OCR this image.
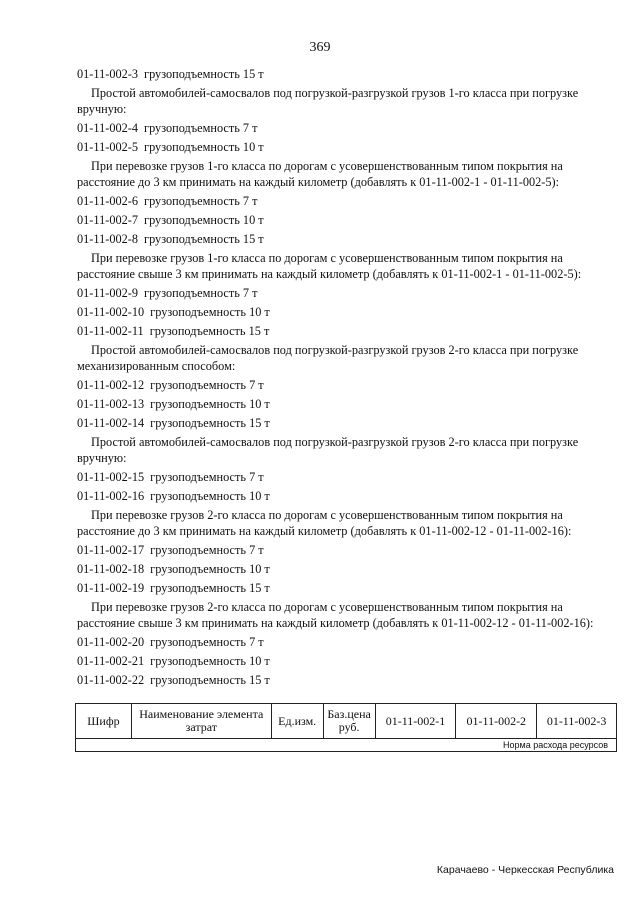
369
01-11-002-3 грузоподъемность 15 т
Простой автомобилей-самосвалов под погрузкой-разгрузкой грузов 1-го класса при погрузке вручную:
01-11-002-4 грузоподъемность 7 т
01-11-002-5 грузоподъемность 10 т
При перевозке грузов 1-го класса по дорогам с усовершенствованным типом покрытия на расстояние до 3 км принимать на каждый километр (добавлять к 01-11-002-1 - 01-11-002-5):
01-11-002-6 грузоподъемность 7 т
01-11-002-7 грузоподъемность 10 т
01-11-002-8 грузоподъемность 15 т
При перевозке грузов 1-го класса по дорогам с усовершенствованным типом покрытия на расстояние свыше 3 км принимать на каждый километр (добавлять к 01-11-002-1 - 01-11-002-5):
01-11-002-9 грузоподъемность 7 т
01-11-002-10 грузоподъемность 10 т
01-11-002-11 грузоподъемность 15 т
Простой автомобилей-самосвалов под погрузкой-разгрузкой грузов 2-го класса при погрузке механизированным способом:
01-11-002-12 грузоподъемность 7 т
01-11-002-13 грузоподъемность 10 т
01-11-002-14 грузоподъемность 15 т
Простой автомобилей-самосвалов под погрузкой-разгрузкой грузов 2-го класса при погрузке вручную:
01-11-002-15 грузоподъемность 7 т
01-11-002-16 грузоподъемность 10 т
При перевозке грузов 2-го класса по дорогам с усовершенствованным типом покрытия на расстояние до 3 км принимать на каждый километр (добавлять к 01-11-002-12 - 01-11-002-16):
01-11-002-17 грузоподъемность 7 т
01-11-002-18 грузоподъемность 10 т
01-11-002-19 грузоподъемность 15 т
При перевозке грузов 2-го класса по дорогам с усовершенствованным типом покрытия на расстояние свыше 3 км принимать на каждый километр (добавлять к 01-11-002-12 - 01-11-002-16):
01-11-002-20 грузоподъемность 7 т
01-11-002-21 грузоподъемность 10 т
01-11-002-22 грузоподъемность 15 т
Шифр	Наименование элемента затрат	Ед.изм.	Баз.цена руб.	01-11-002-1	01-11-002-2	01-11-002-3
Норма расхода ресурсов
Карачаево - Черкесская Республика
